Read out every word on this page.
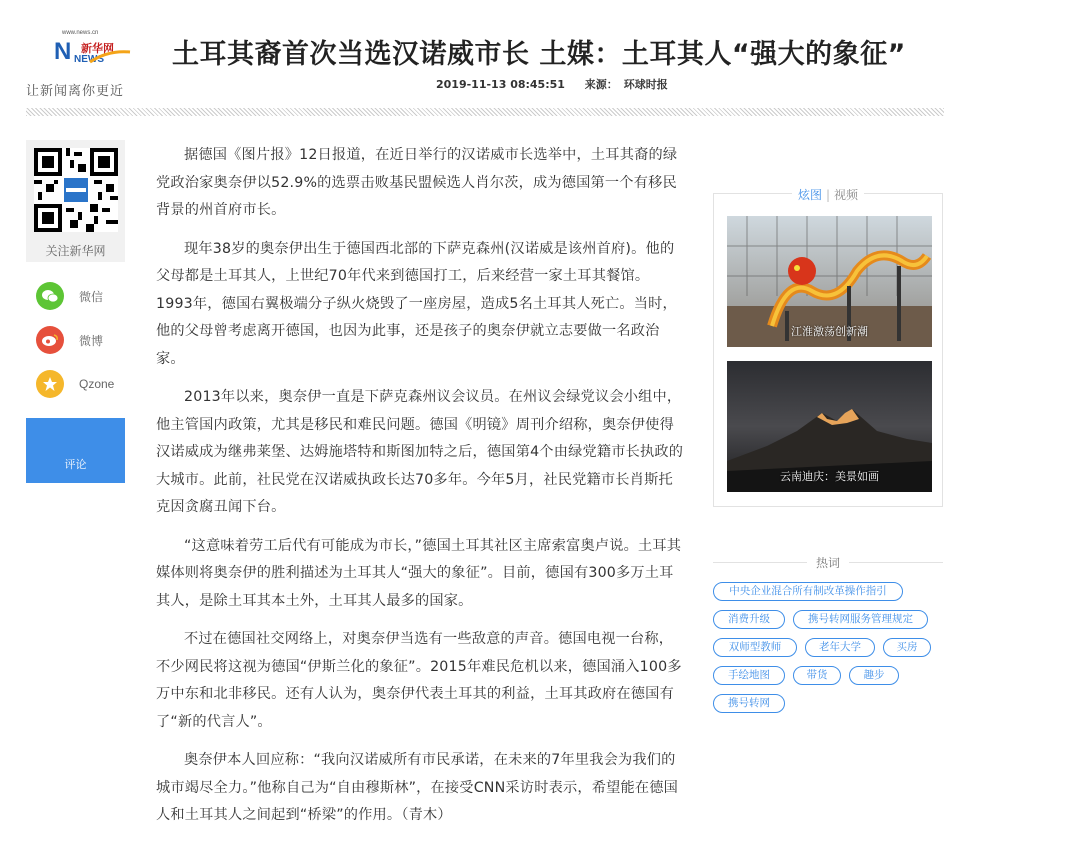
www.news.cn
N 新华网
NEWS
让新闻离你更近
土耳其裔首次当选汉诺威市长 土媒：土耳其人“强大的象征”
2019-11-13 08:45:51 来源： 环球时报
关注新华网
微信
微博
Qzone
评论

据德国《图片报》12日报道，在近日举行的汉诺威市长选举中，土耳其裔的绿党政治家奥奈伊以52.9%的选票击败基民盟候选人肖尔茨，成为德国第一个有移民背景的州首府市长。

现年38岁的奥奈伊出生于德国西北部的下萨克森州(汉诺威是该州首府)。他的父母都是土耳其人，上世纪70年代来到德国打工，后来经营一家土耳其餐馆。1993年，德国右翼极端分子纵火烧毁了一座房屋，造成5名土耳其人死亡。当时，他的父母曾考虑离开德国，也因为此事，还是孩子的奥奈伊就立志要做一名政治家。

2013年以来，奥奈伊一直是下萨克森州议会议员。在州议会绿党议会小组中，他主管国内政策，尤其是移民和难民问题。德国《明镜》周刊介绍称，奥奈伊使得汉诺威成为继弗莱堡、达姆施塔特和斯图加特之后，德国第4个由绿党籍市长执政的大城市。此前，社民党在汉诺威执政长达70多年。今年5月，社民党籍市长肖斯托克因贪腐丑闻下台。

“这意味着劳工后代有可能成为市长，”德国土耳其社区主席索富奥卢说。土耳其媒体则将奥奈伊的胜利描述为土耳其人“强大的象征”。目前，德国有300多万土耳其人，是除土耳其本土外，土耳其人最多的国家。

不过在德国社交网络上，对奥奈伊当选有一些敌意的声音。德国电视一台称，不少网民将这视为德国“伊斯兰化的象征”。2015年难民危机以来，德国涌入100多万中东和北非移民。还有人认为，奥奈伊代表土耳其的利益，土耳其政府在德国有了“新的代言人”。

奥奈伊本人回应称：“我向汉诺威所有市民承诺，在未来的7年里我会为我们的城市竭尽全力。”他称自己为“自由穆斯林”，在接受CNN采访时表示，希望能在德国人和土耳其人之间起到“桥梁”的作用。（青木）

炫图 | 视频
江淮激荡创新潮
云南迪庆：美景如画
热词
中央企业混合所有制改革操作指引
消费升级	携号转网服务管理规定
双师型教师	老年大学	买房
手绘地图	带货	趣步
携号转网
